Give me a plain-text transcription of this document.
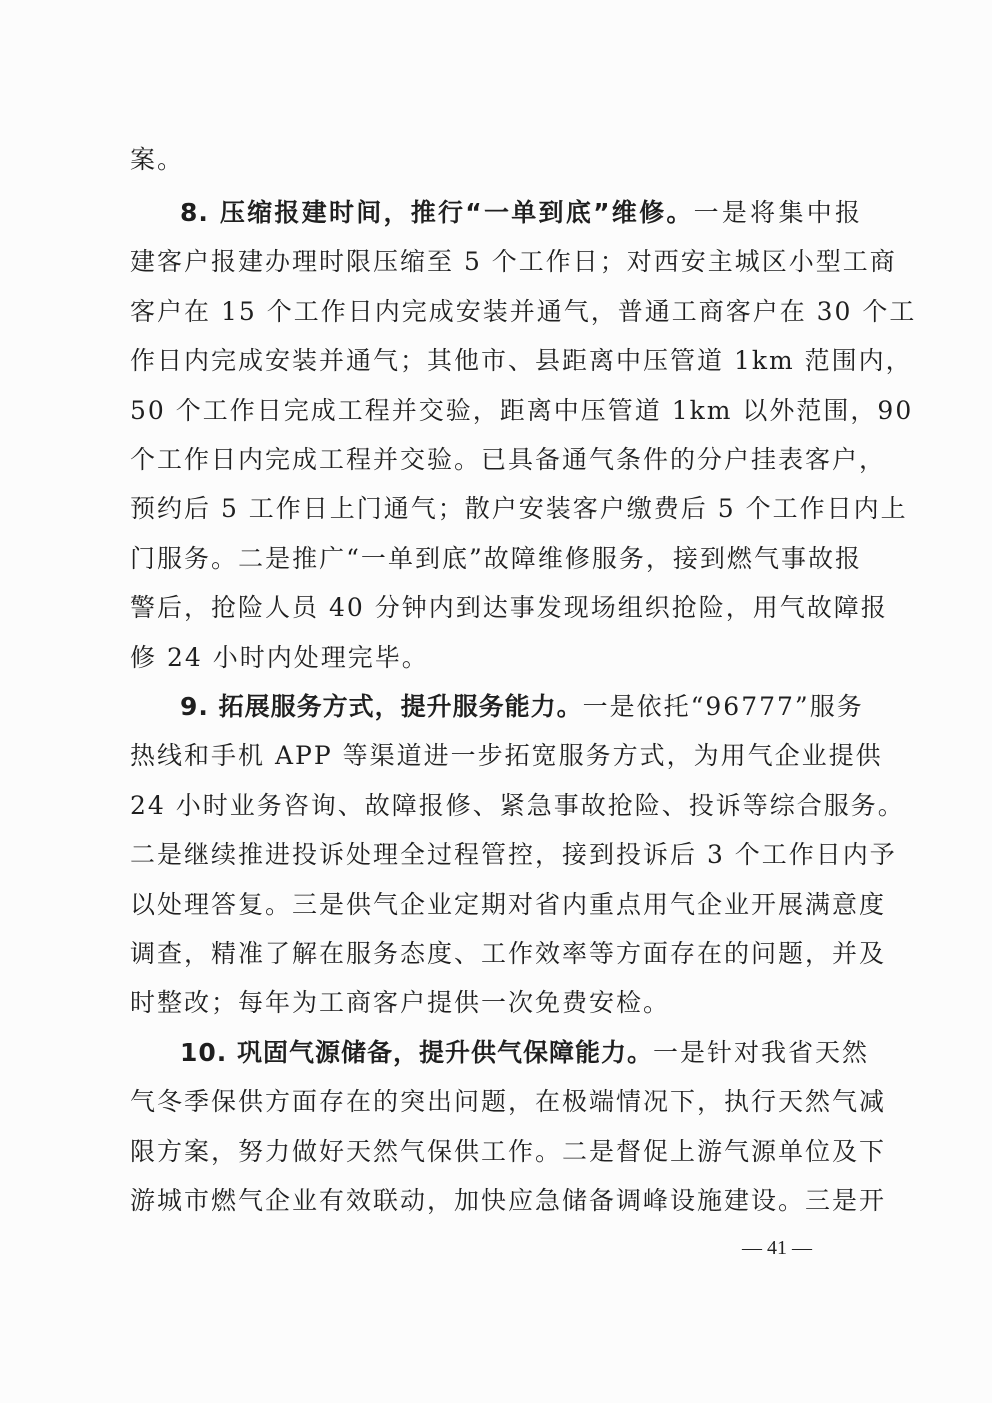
案。
8. 压缩报建时间，推行“一单到底”维修。一是将集中报
建客户报建办理时限压缩至 5 个工作日；对西安主城区小型工商
客户在 15 个工作日内完成安装并通气，普通工商客户在 30 个工
作日内完成安装并通气；其他市、县距离中压管道 1km 范围内，
50 个工作日完成工程并交验，距离中压管道 1km 以外范围，90
个工作日内完成工程并交验。已具备通气条件的分户挂表客户，
预约后 5 工作日上门通气；散户安装客户缴费后 5 个工作日内上
门服务。二是推广“一单到底”故障维修服务，接到燃气事故报
警后，抢险人员 40 分钟内到达事发现场组织抢险，用气故障报
修 24 小时内处理完毕。
9. 拓展服务方式，提升服务能力。一是依托“96777”服务
热线和手机 APP 等渠道进一步拓宽服务方式，为用气企业提供
24 小时业务咨询、故障报修、紧急事故抢险、投诉等综合服务。
二是继续推进投诉处理全过程管控，接到投诉后 3 个工作日内予
以处理答复。三是供气企业定期对省内重点用气企业开展满意度
调查，精准了解在服务态度、工作效率等方面存在的问题，并及
时整改；每年为工商客户提供一次免费安检。
10. 巩固气源储备，提升供气保障能力。一是针对我省天然
气冬季保供方面存在的突出问题，在极端情况下，执行天然气减
限方案，努力做好天然气保供工作。二是督促上游气源单位及下
游城市燃气企业有效联动，加快应急储备调峰设施建设。三是开
— 41 —
